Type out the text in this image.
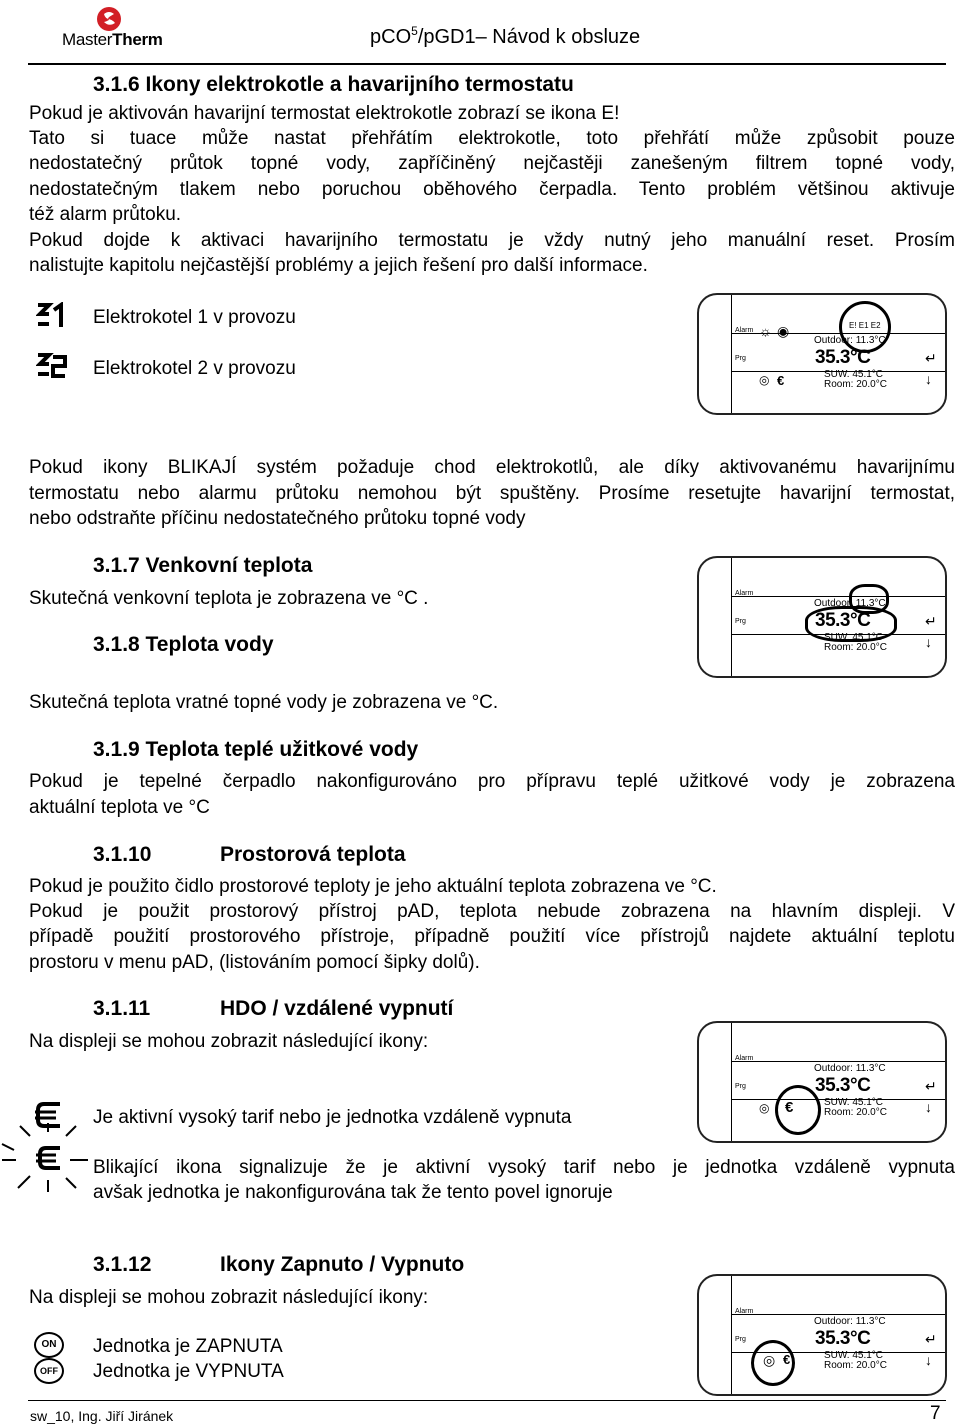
MasterTherm	pCO$^5$/pGD1– Návod k obsluze
3.1.6 Ikony elektrokotle a havarijního termostatu
Pokud je aktivován havarijní termostat elektrokotle zobrazí se ikona E!
Tato si tuace může nastat přehřátím elektrokotle, toto přehřátí může způsobit pouze
nedostatečný průtok topné vody, zapříčiněný nejčastěji zanešeným filtrem topné vody,
nedostatečným tlakem nebo poruchou oběhového čerpadla. Tento problém většinou aktivuje
též alarm průtoku.
Pokud dojde k aktivaci havarijního termostatu je vždy nutný jeho manuální reset. Prosím
nalistujte kapitolu nejčastější problémy a jejich řešení pro další informace.
Elektrokotel 1 v provozu
Elektrokotel 2 v provozu
Alarm
Prg
Outdoor: 11.3°C
35.3°C
SUW. 45.1°C
Room: 20.0°C
E! E1 E2
☼ ◉
◎ €
↵
↓
Pokud ikony BLIKAJÍ systém požaduje chod elektrokotlů, ale díky aktivovanému havarijnímu
termostatu nebo alarmu průtoku nemohou být spuštěny. Prosíme resetujte havarijní termostat,
nebo odstraňte příčinu nedostatečného průtoku topné vody
3.1.7 Venkovní teplota
Skutečná venkovní teplota je zobrazena ve °C .	Alarm
Prg
Outdoor: 11.3°C
35.3°C
SUW. 45.1°C
Room: 20.0°C
↵
↓
3.1.8 Teplota vody
Skutečná teplota vratné topné vody je zobrazena ve °C.
3.1.9 Teplota teplé užitkové vody
Pokud je tepelné čerpadlo nakonfigurováno pro přípravu teplé užitkové vody je zobrazena
aktuální teplota ve °C
3.1.10	Prostorová teplota
Pokud je použito čidlo prostorové teploty je jeho aktuální teplota zobrazena ve °C.
Pokud je použit prostorový přístroj pAD, teplota nebude zobrazena na hlavním displeji. V
případě použití prostorového přístroje, případně použití více přístrojů najdete aktuální teplotu
prostoru v menu pAD, (listováním pomocí šipky dolů).
3.1.11	HDO / vzdálené vypnutí
Na displeji se mohou zobrazit následující ikony:
Alarm
Prg
Outdoor: 11.3°C
35.3°C
SUW. 45.1°C
Room: 20.0°C
◎ €
↵
↓
Je aktivní vysoký tarif nebo je jednotka vzdáleně vypnuta
Blikající ikona signalizuje že je aktivní vysoký tarif nebo je jednotka vzdáleně vypnuta
avšak jednotka je nakonfigurována tak že tento povel ignoruje
3.1.12	Ikony Zapnuto / Vypnuto
Na displeji se mohou zobrazit následující ikony:
Alarm
Prg
Outdoor: 11.3°C
35.3°C
SUW. 45.1°C
Room: 20.0°C
◎ €
↵
↓
ON	Jednotka je ZAPNUTA
OFF	Jednotka je VYPNUTA
sw_10, Ing. Jiří Jiránek	7
